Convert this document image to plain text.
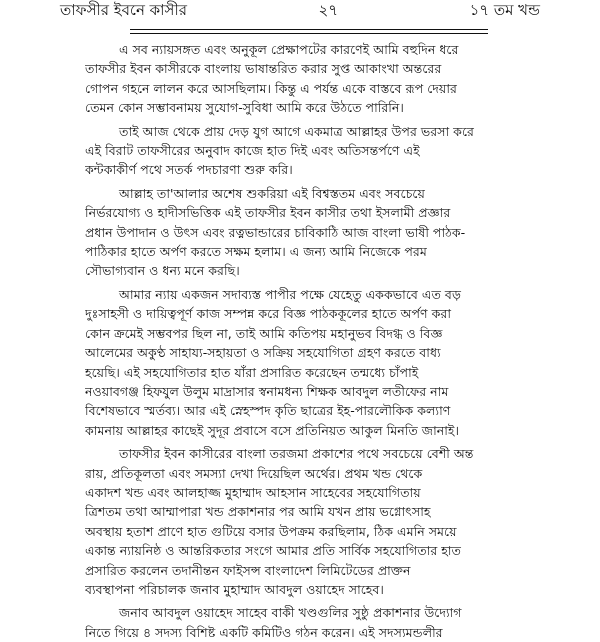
তাফসীর ইবনে কাসীর	২৭	১৭ তম খন্ড
এ সব ন্যায়সঙ্গত এবং অনুকূল প্রেক্ষাপটের কারণেই আমি বহুদিন ধরে
তাফসীর ইবন কাসীরকে বাংলায় ভাষান্তরিত করার সুপ্ত আকাংখা অন্তরের
গোপন গহনে লালন করে আসছিলাম। কিন্তু এ পর্যন্ত একে বাস্তবে রূপ দেয়ার
তেমন কোন সম্ভাবনাময় সুযোগ-সুবিধা আমি করে উঠতে পারিনি।
তাই আজ থেকে প্রায় দেড় যুগ আগে একমাত্র আল্লাহর উপর ভরসা করে
এই বিরাট তাফসীরের অনুবাদ কাজে হাত দিই এবং অতিসন্তর্পণে এই
কন্টকাকীর্ণ পথে সতর্ক পদচারণা শুরু করি।
আল্লাহ তা'আলার অশেষ শুকরিয়া এই বিশ্বস্ততম এবং সবচেয়ে
নির্ভরযোগ্য ও হাদীসভিত্তিক এই তাফসীর ইবন কাসীর তথা ইসলামী প্রজ্ঞার
প্রধান উপাদান ও উৎস এবং রত্নভান্ডারের চাবিকাঠি আজ বাংলা ভাষী পাঠক-
পাঠিকার হাতে অর্পণ করতে সক্ষম হলাম। এ জন্য আমি নিজেকে পরম
সৌভাগ্যবান ও ধন্য মনে করছি।
আমার ন্যায় একজন সদাব্যস্ত পাপীর পক্ষে যেহেতু এককভাবে এত বড়
দুঃসাহসী ও দায়িত্বপূর্ণ কাজ সম্পন্ন করে বিজ্ঞ পাঠককূলের হাতে অর্পণ করা
কোন ক্রমেই সম্ভবপর ছিল না, তাই আমি কতিপয় মহানুভব বিদগ্ধ ও বিজ্ঞ
আলেমের অকুণ্ঠ সাহায্য-সহায়তা ও সক্রিয় সহযোগিতা গ্রহণ করতে বাধ্য
হয়েছি। এই সহযোগিতার হাত যাঁরা প্রসারিত করেছেন তন্মধ্যে চাঁপাই
নওয়াবগঞ্জ হিফযুল উলুম মাদ্রাসার স্বনামধন্য শিক্ষক আবদুল লতীফের নাম
বিশেষভাবে স্মর্তব্য। আর এই স্নেহস্পদ কৃতি ছাত্রের ইহ-পারলৌকিক কল্যাণ
কামনায় আল্লাহর কাছেই সুদূর প্রবাসে বসে প্রতিনিয়ত আকুল মিনতি জানাই।
তাফসীর ইবন কাসীরের বাংলা তরজমা প্রকাশের পথে সবচেয়ে বেশী অন্ত
রায়, প্রতিকূলতা এবং সমস্যা দেখা দিয়েছিল অর্থের। প্রথম খন্ড থেকে
একাদশ খন্ড এবং আলহাজ্জ মুহাম্মাদ আহসান সাহেবের সহযোগিতায়
ত্রিশতম তথা আম্মাপারা খন্ড প্রকাশনার পর আমি যখন প্রায় ভগ্নোৎসাহ
অবস্থায় হতাশ প্রাণে হাত গুটিয়ে বসার উপক্রম করছিলাম, ঠিক এমনি সময়ে
একান্ত ন্যায়নিষ্ঠ ও আন্তরিকতার সংগে আমার প্রতি সার্বিক সহযোগিতার হাত
প্রসারিত করলেন তদানীন্তন ফাইসন্স বাংলাদেশ লিমিটেডের প্রাক্তন
ব্যবস্থাপনা পরিচালক জনাব মুহাম্মাদ আবদুল ওয়াহেদ সাহেব।
জনাব আবদুল ওয়াহেদ সাহেব বাকী খণ্ডগুলির সুষ্ঠু প্রকাশনার উদ্যোগ
নিতে গিয়ে ৪ সদস্য বিশিষ্ট একটি কমিটিও গঠন করেন। এই সদস্যমন্ডলীর
